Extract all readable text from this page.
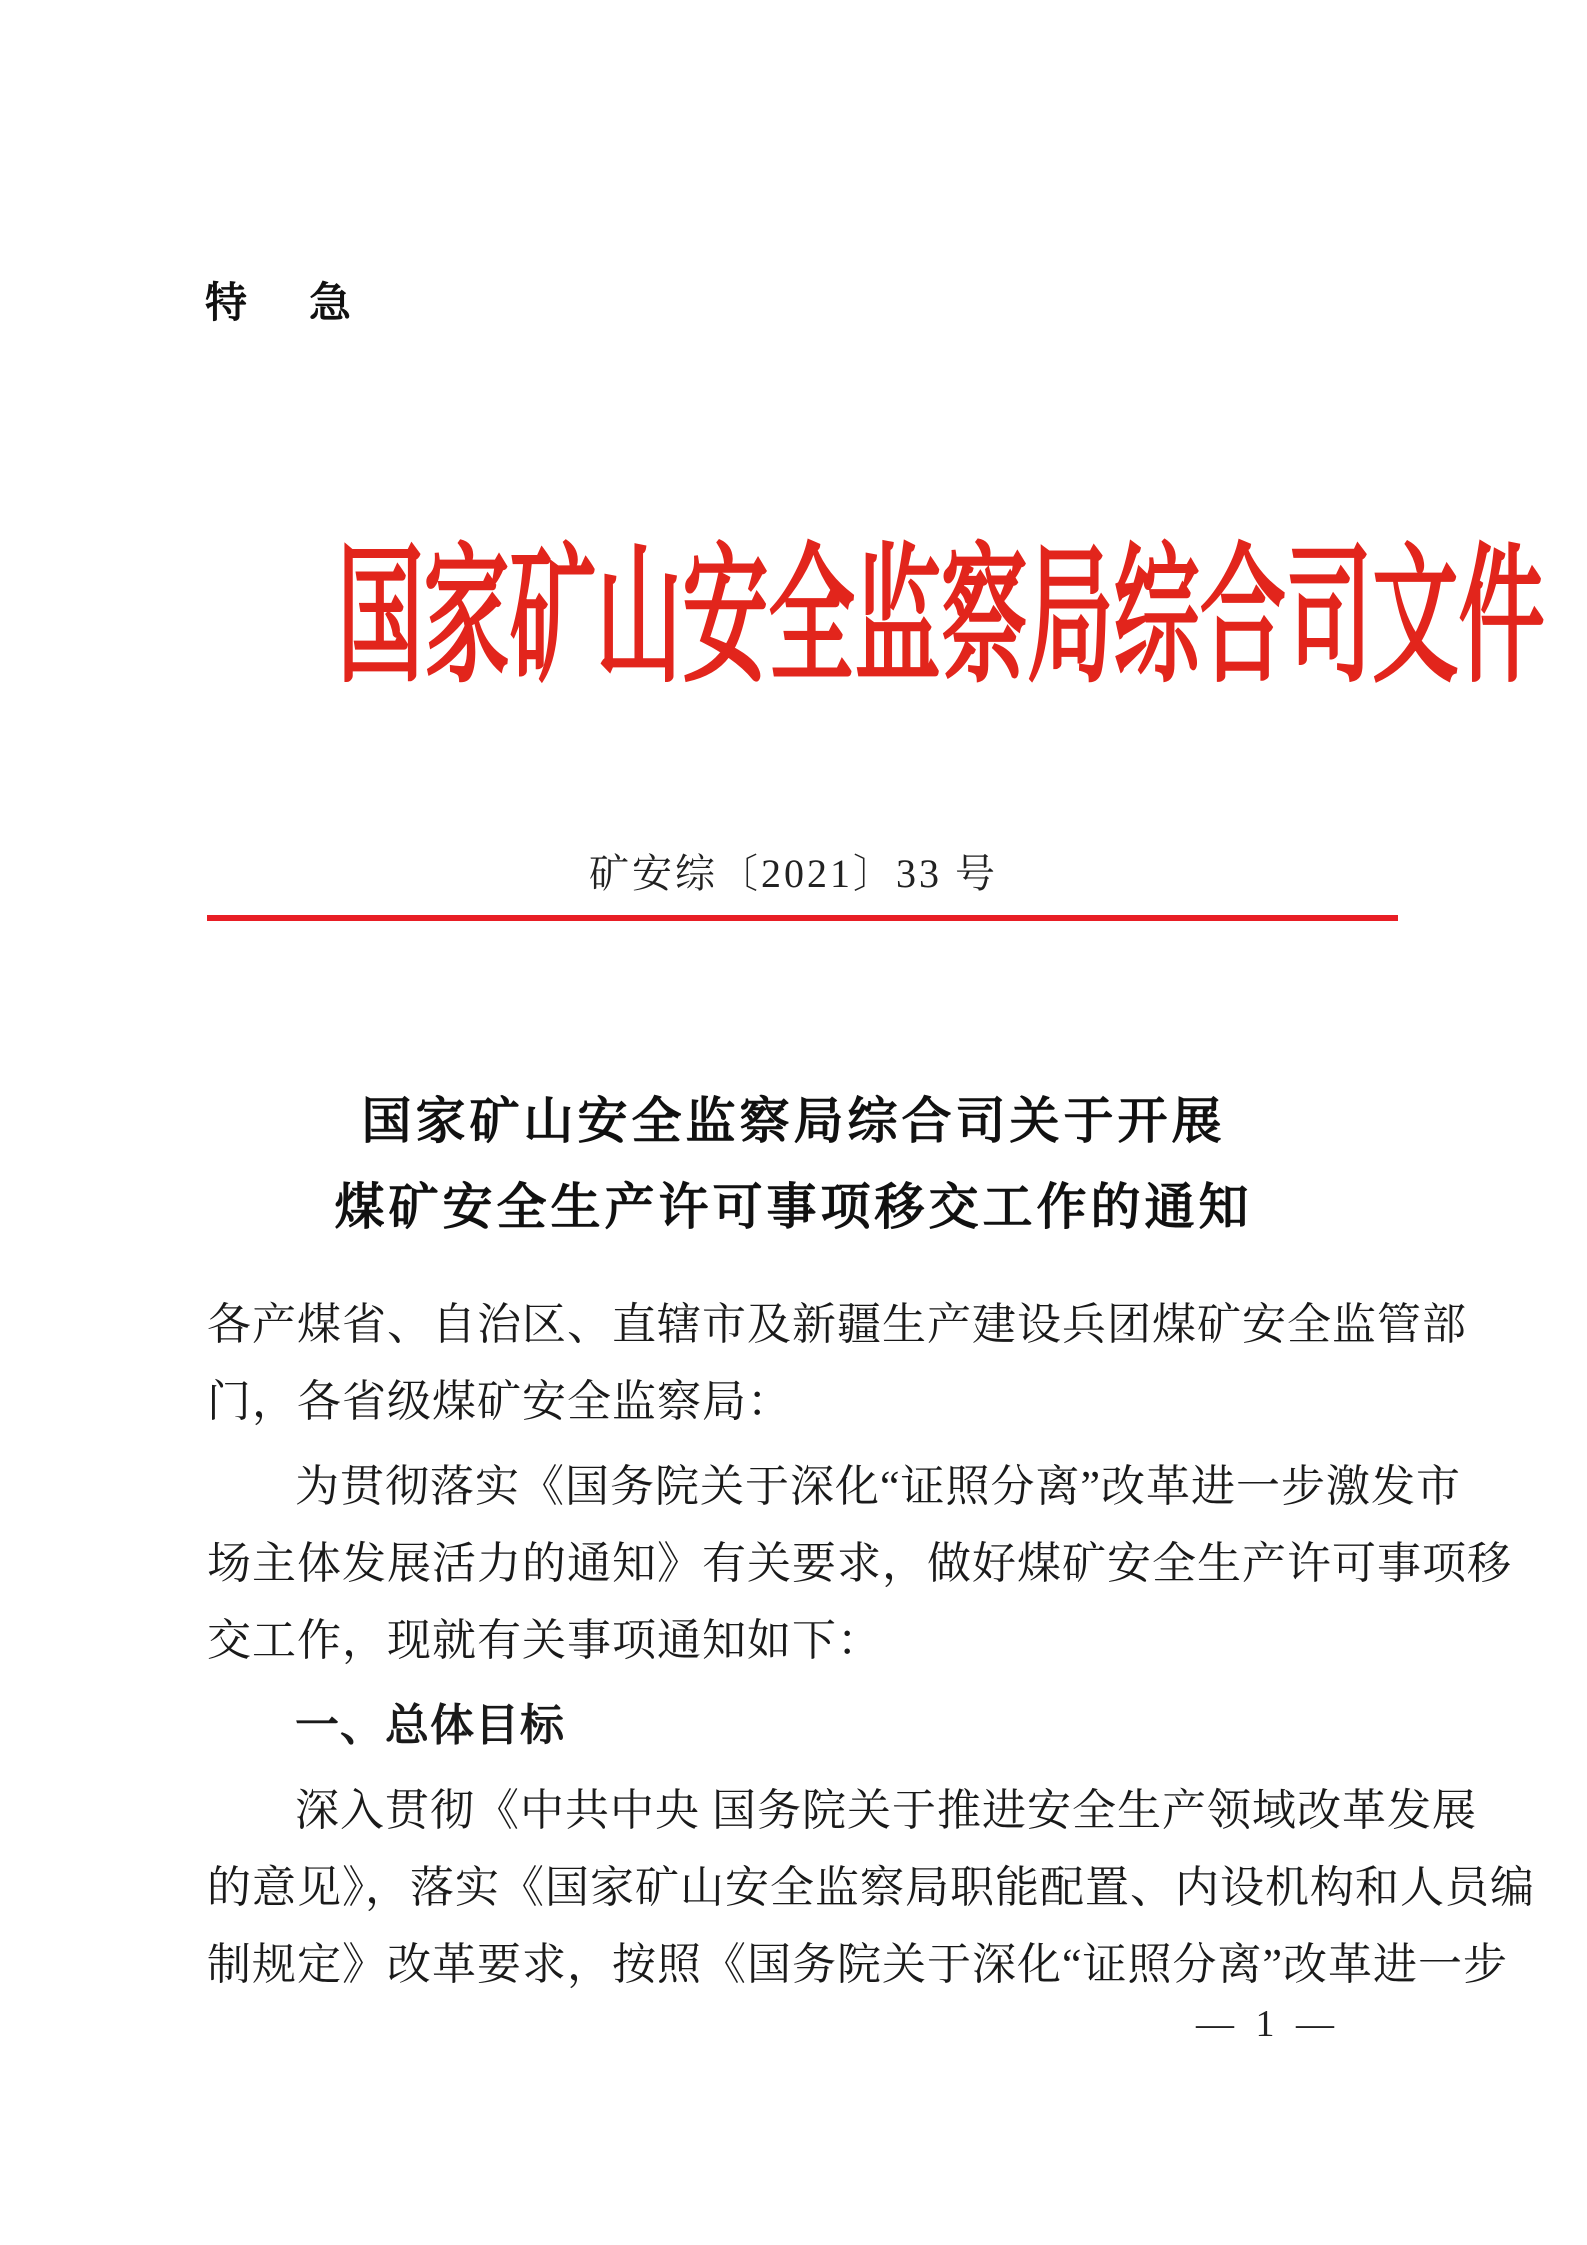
特　急
国家矿山安全监察局综合司文件
矿安综〔2021〕33 号
国家矿山安全监察局综合司关于开展
煤矿安全生产许可事项移交工作的通知
各产煤省、自治区、直辖市及新疆生产建设兵团煤矿安全监管部
门，各省级煤矿安全监察局：
为贯彻落实《国务院关于深化“证照分离”改革进一步激发市
场主体发展活力的通知》有关要求，做好煤矿安全生产许可事项移
交工作，现就有关事项通知如下：
一、总体目标
深入贯彻《中共中央 国务院关于推进安全生产领域改革发展
的意见》，落实《国家矿山安全监察局职能配置、内设机构和人员编
制规定》改革要求，按照《国务院关于深化“证照分离”改革进一步
— 1 —
